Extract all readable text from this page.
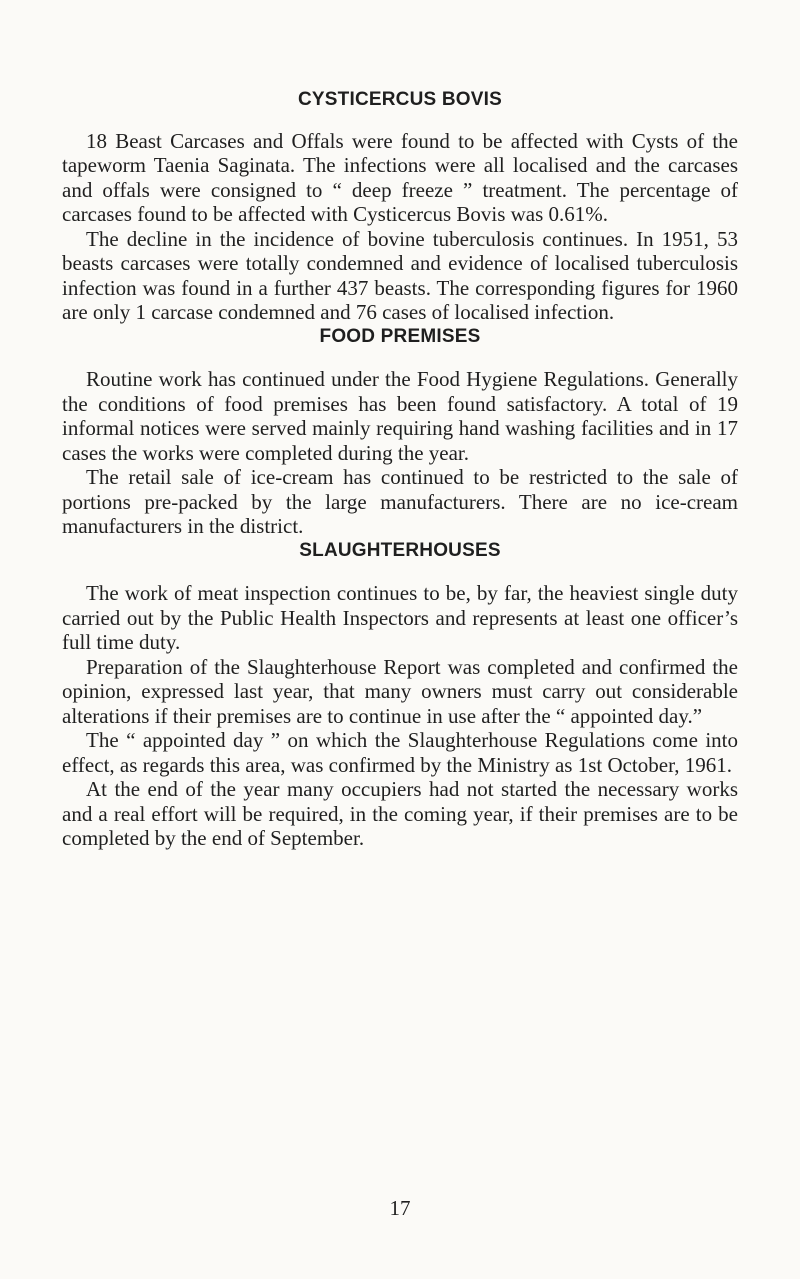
CYSTICERCUS BOVIS

18 Beast Carcases and Offals were found to be affected with Cysts of the tapeworm Taenia Saginata. The infections were all localised and the carcases and offals were consigned to “ deep freeze ” treatment. The percentage of carcases found to be affected with Cysticercus Bovis was 0.61%.

The decline in the incidence of bovine tuberculosis continues. In 1951, 53 beasts carcases were totally condemned and evidence of localised tuberculosis infection was found in a further 437 beasts. The corresponding figures for 1960 are only 1 carcase condemned and 76 cases of localised infection.

FOOD PREMISES

Routine work has continued under the Food Hygiene Regulations. Generally the conditions of food premises has been found satisfactory. A total of 19 informal notices were served mainly requiring hand washing facilities and in 17 cases the works were completed during the year.

The retail sale of ice-cream has continued to be restricted to the sale of portions pre-packed by the large manufacturers. There are no ice-cream manufacturers in the district.

SLAUGHTERHOUSES

The work of meat inspection continues to be, by far, the heaviest single duty carried out by the Public Health Inspectors and represents at least one officer’s full time duty.

Preparation of the Slaughterhouse Report was completed and confirmed the opinion, expressed last year, that many owners must carry out considerable alterations if their premises are to continue in use after the “ appointed day.”

The “ appointed day ” on which the Slaughterhouse Regulations come into effect, as regards this area, was confirmed by the Ministry as 1st October, 1961.

At the end of the year many occupiers had not started the necessary works and a real effort will be required, in the coming year, if their premises are to be completed by the end of September.

17
